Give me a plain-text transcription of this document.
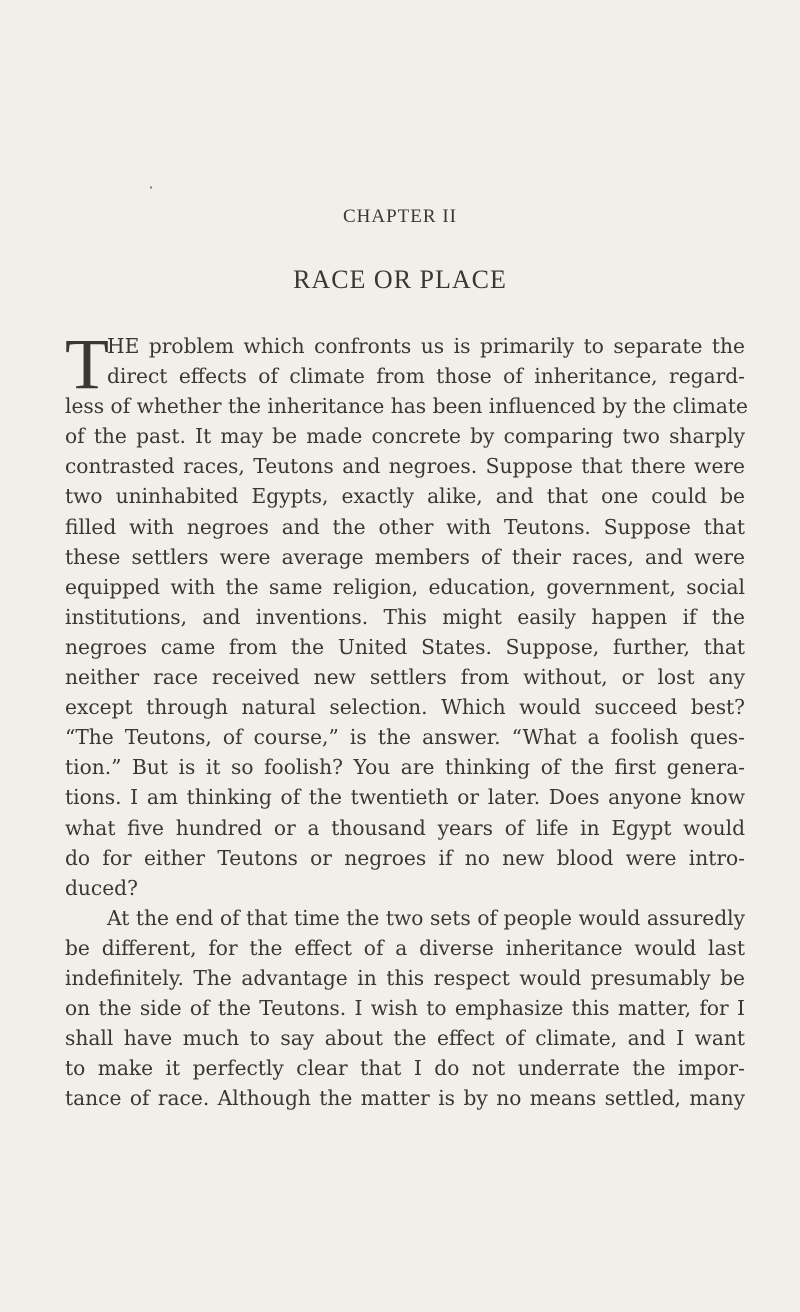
CHAPTER II
RACE OR PLACE
T
HE problem which confronts us is primarily to separate the
direct effects of climate from those of inheritance, regard-
less of whether the inheritance has been influenced by the climate
of the past. It may be made concrete by comparing two sharply
contrasted races, Teutons and negroes. Suppose that there were
two uninhabited Egypts, exactly alike, and that one could be
filled with negroes and the other with Teutons. Suppose that
these settlers were average members of their races, and were
equipped with the same religion, education, government, social
institutions, and inventions. This might easily happen if the
negroes came from the United States. Suppose, further, that
neither race received new settlers from without, or lost any
except through natural selection. Which would succeed best?
“The Teutons, of course,” is the answer. “What a foolish ques-
tion.” But is it so foolish? You are thinking of the first genera-
tions. I am thinking of the twentieth or later. Does anyone know
what five hundred or a thousand years of life in Egypt would
do for either Teutons or negroes if no new blood were intro-
duced?
At the end of that time the two sets of people would assuredly
be different, for the effect of a diverse inheritance would last
indefinitely. The advantage in this respect would presumably be
on the side of the Teutons. I wish to emphasize this matter, for I
shall have much to say about the effect of climate, and I want
to make it perfectly clear that I do not underrate the impor-
tance of race. Although the matter is by no means settled, many
